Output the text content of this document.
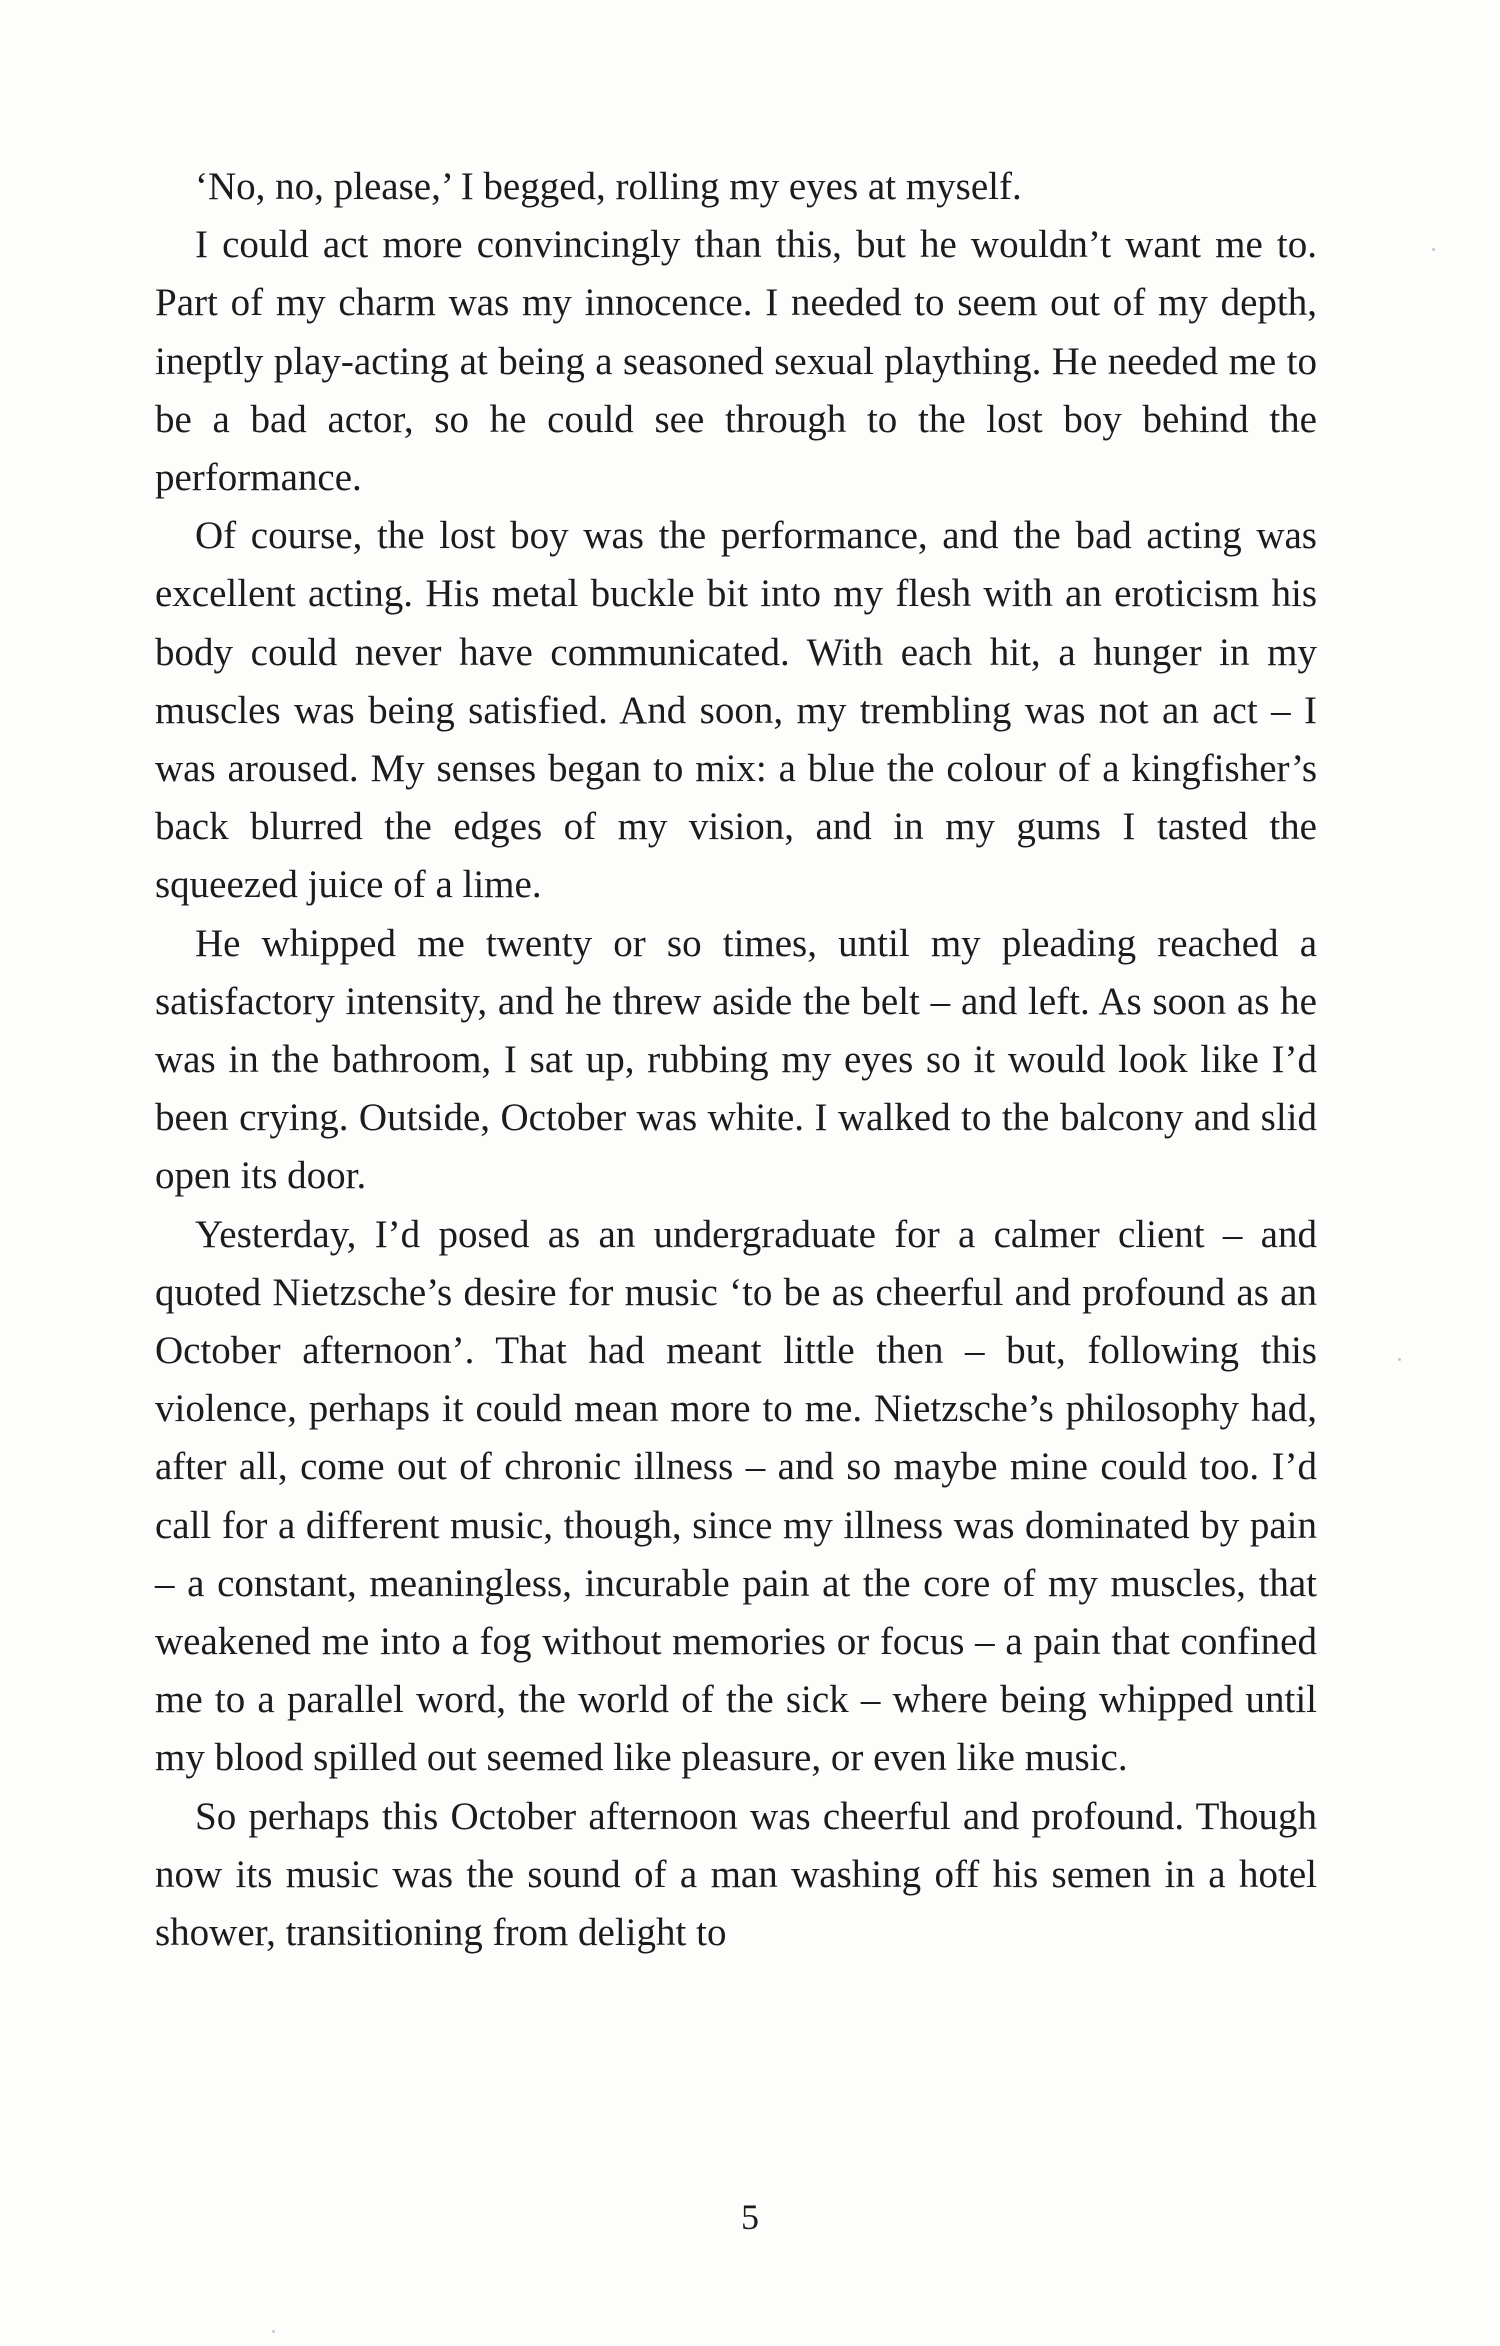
‘No, no, please,’ I begged, rolling my eyes at myself.

I could act more convincingly than this, but he wouldn’t want me to. Part of my charm was my innocence. I needed to seem out of my depth, ineptly play-acting at being a seasoned sexual plaything. He needed me to be a bad actor, so he could see through to the lost boy behind the performance.

Of course, the lost boy was the performance, and the bad acting was excellent acting. His metal buckle bit into my flesh with an eroticism his body could never have communicated. With each hit, a hunger in my muscles was being satisfied. And soon, my trembling was not an act – I was aroused. My senses began to mix: a blue the colour of a kingfisher’s back blurred the edges of my vision, and in my gums I tasted the squeezed juice of a lime.

He whipped me twenty or so times, until my pleading reached a satisfactory intensity, and he threw aside the belt – and left. As soon as he was in the bathroom, I sat up, rubbing my eyes so it would look like I’d been crying. Outside, October was white. I walked to the balcony and slid open its door.

Yesterday, I’d posed as an undergraduate for a calmer client – and quoted Nietzsche’s desire for music ‘to be as cheerful and profound as an October afternoon’. That had meant little then – but, following this violence, perhaps it could mean more to me. Nietzsche’s philosophy had, after all, come out of chronic illness – and so maybe mine could too. I’d call for a different music, though, since my illness was dominated by pain – a constant, meaningless, incurable pain at the core of my muscles, that weakened me into a fog without memories or focus – a pain that confined me to a parallel word, the world of the sick – where being whipped until my blood spilled out seemed like pleasure, or even like music.

So perhaps this October afternoon was cheerful and profound. Though now its music was the sound of a man washing off his semen in a hotel shower, transitioning from delight to

5
